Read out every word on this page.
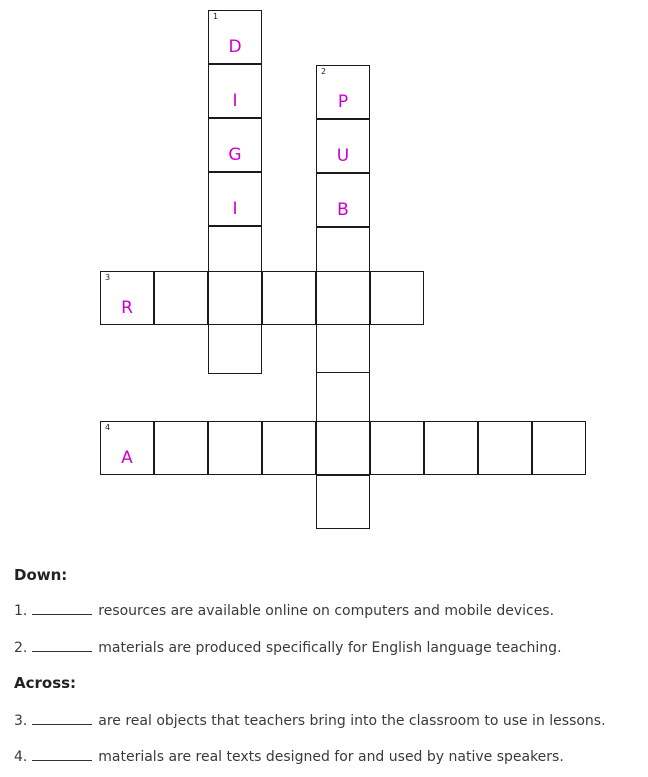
1
D
I
G
I
2
P
U
B
3
R
4
A
Down:
1.	resources are available online on computers and mobile devices.
2.	materials are produced specifically for English language teaching.
Across:
3.	are real objects that teachers bring into the classroom to use in lessons.
4.	materials are real texts designed for and used by native speakers.
